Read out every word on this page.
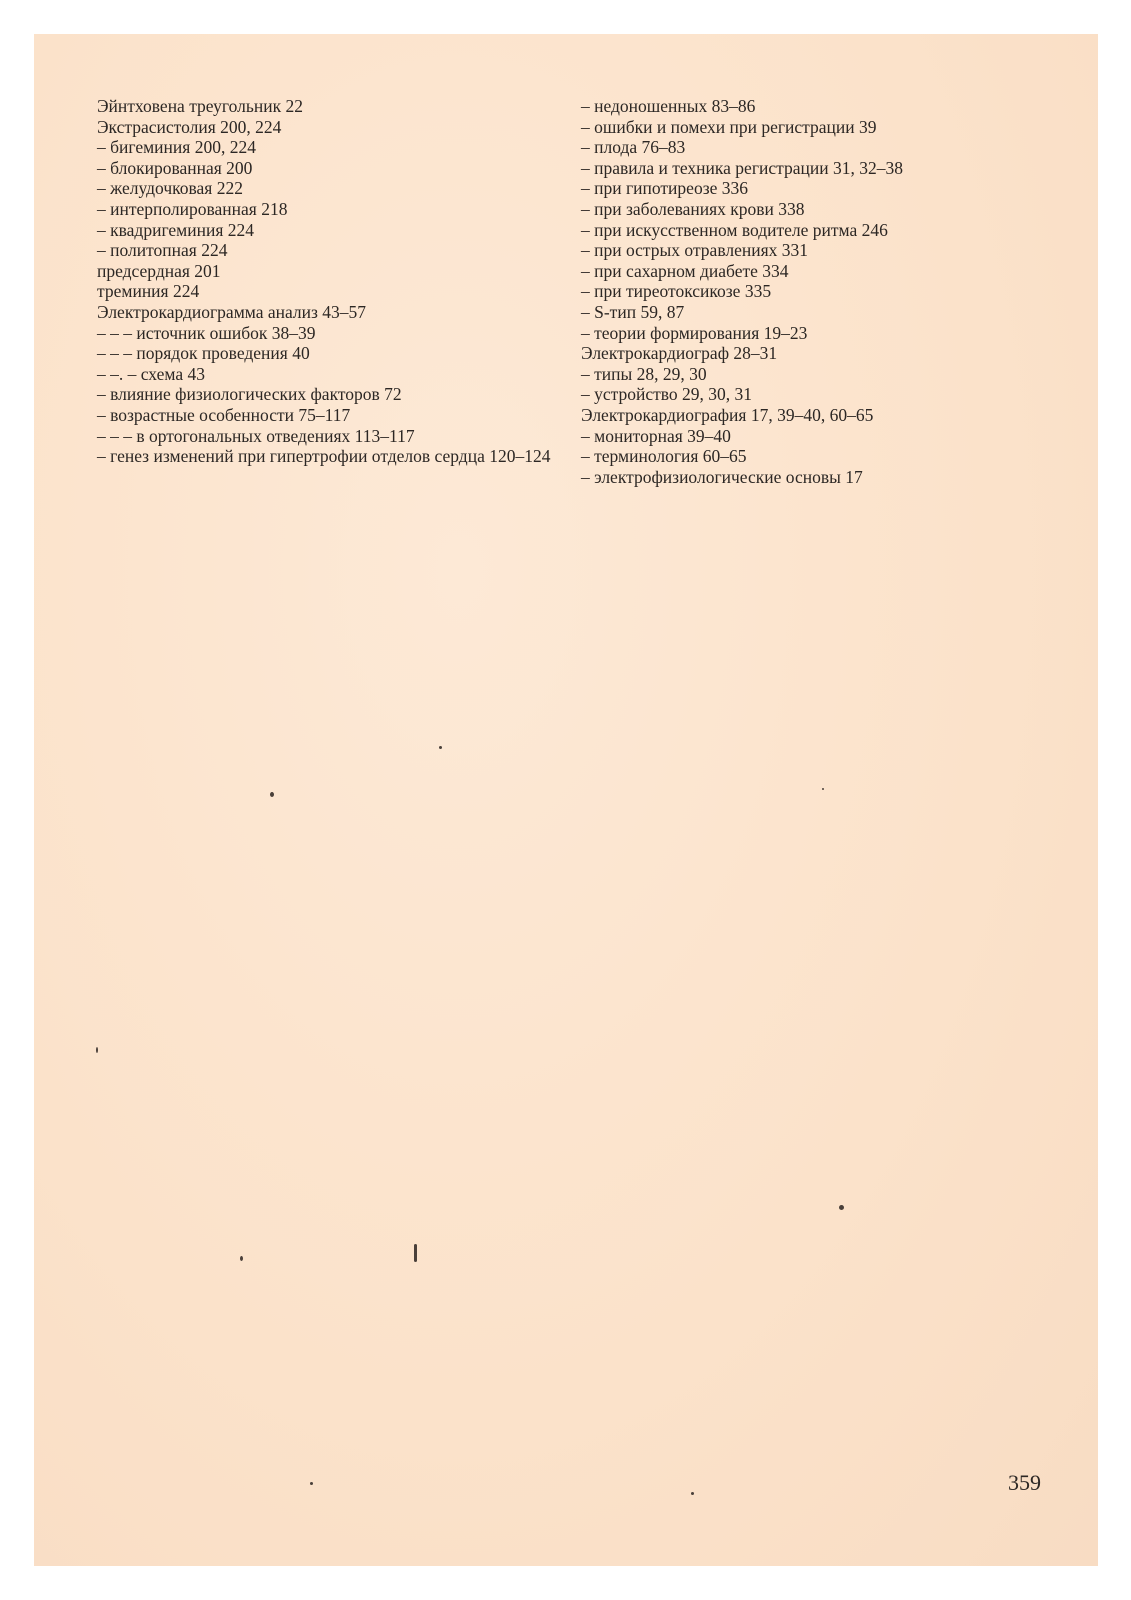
Эйнтховена треугольник 22

Экстрасистолия 200, 224

– бигеминия 200, 224

– блокированная 200

– желудочковая 222

– интерполированная 218

– квадригеминия 224

– политопная 224

предсердная 201

треминия 224

Электрокардиограмма анализ 43–57

– – – источник ошибок 38–39

– – – порядок проведения 40

– –. – схема 43

– влияние физиологических факторов 72

– возрастные особенности 75–117

– – – в ортогональных отведениях 113–117

– генез изменений при гипертрофии отделов сердца 120–124

– недоношенных 83–86

– ошибки и помехи при регистрации 39

– плода 76–83

– правила и техника регистрации 31, 32–38

– при гипотиреозе 336

– при заболеваниях крови 338

– при искусственном водителе ритма 246

– при острых отравлениях 331

– при сахарном диабете 334

– при тиреотоксикозе 335

– S-тип 59, 87

– теории формирования 19–23

Электрокардиограф 28–31

– типы 28, 29, 30

– устройство 29, 30, 31

Электрокардиография 17, 39–40, 60–65

– мониторная 39–40

– терминология 60–65

– электрофизиологические основы 17

359
